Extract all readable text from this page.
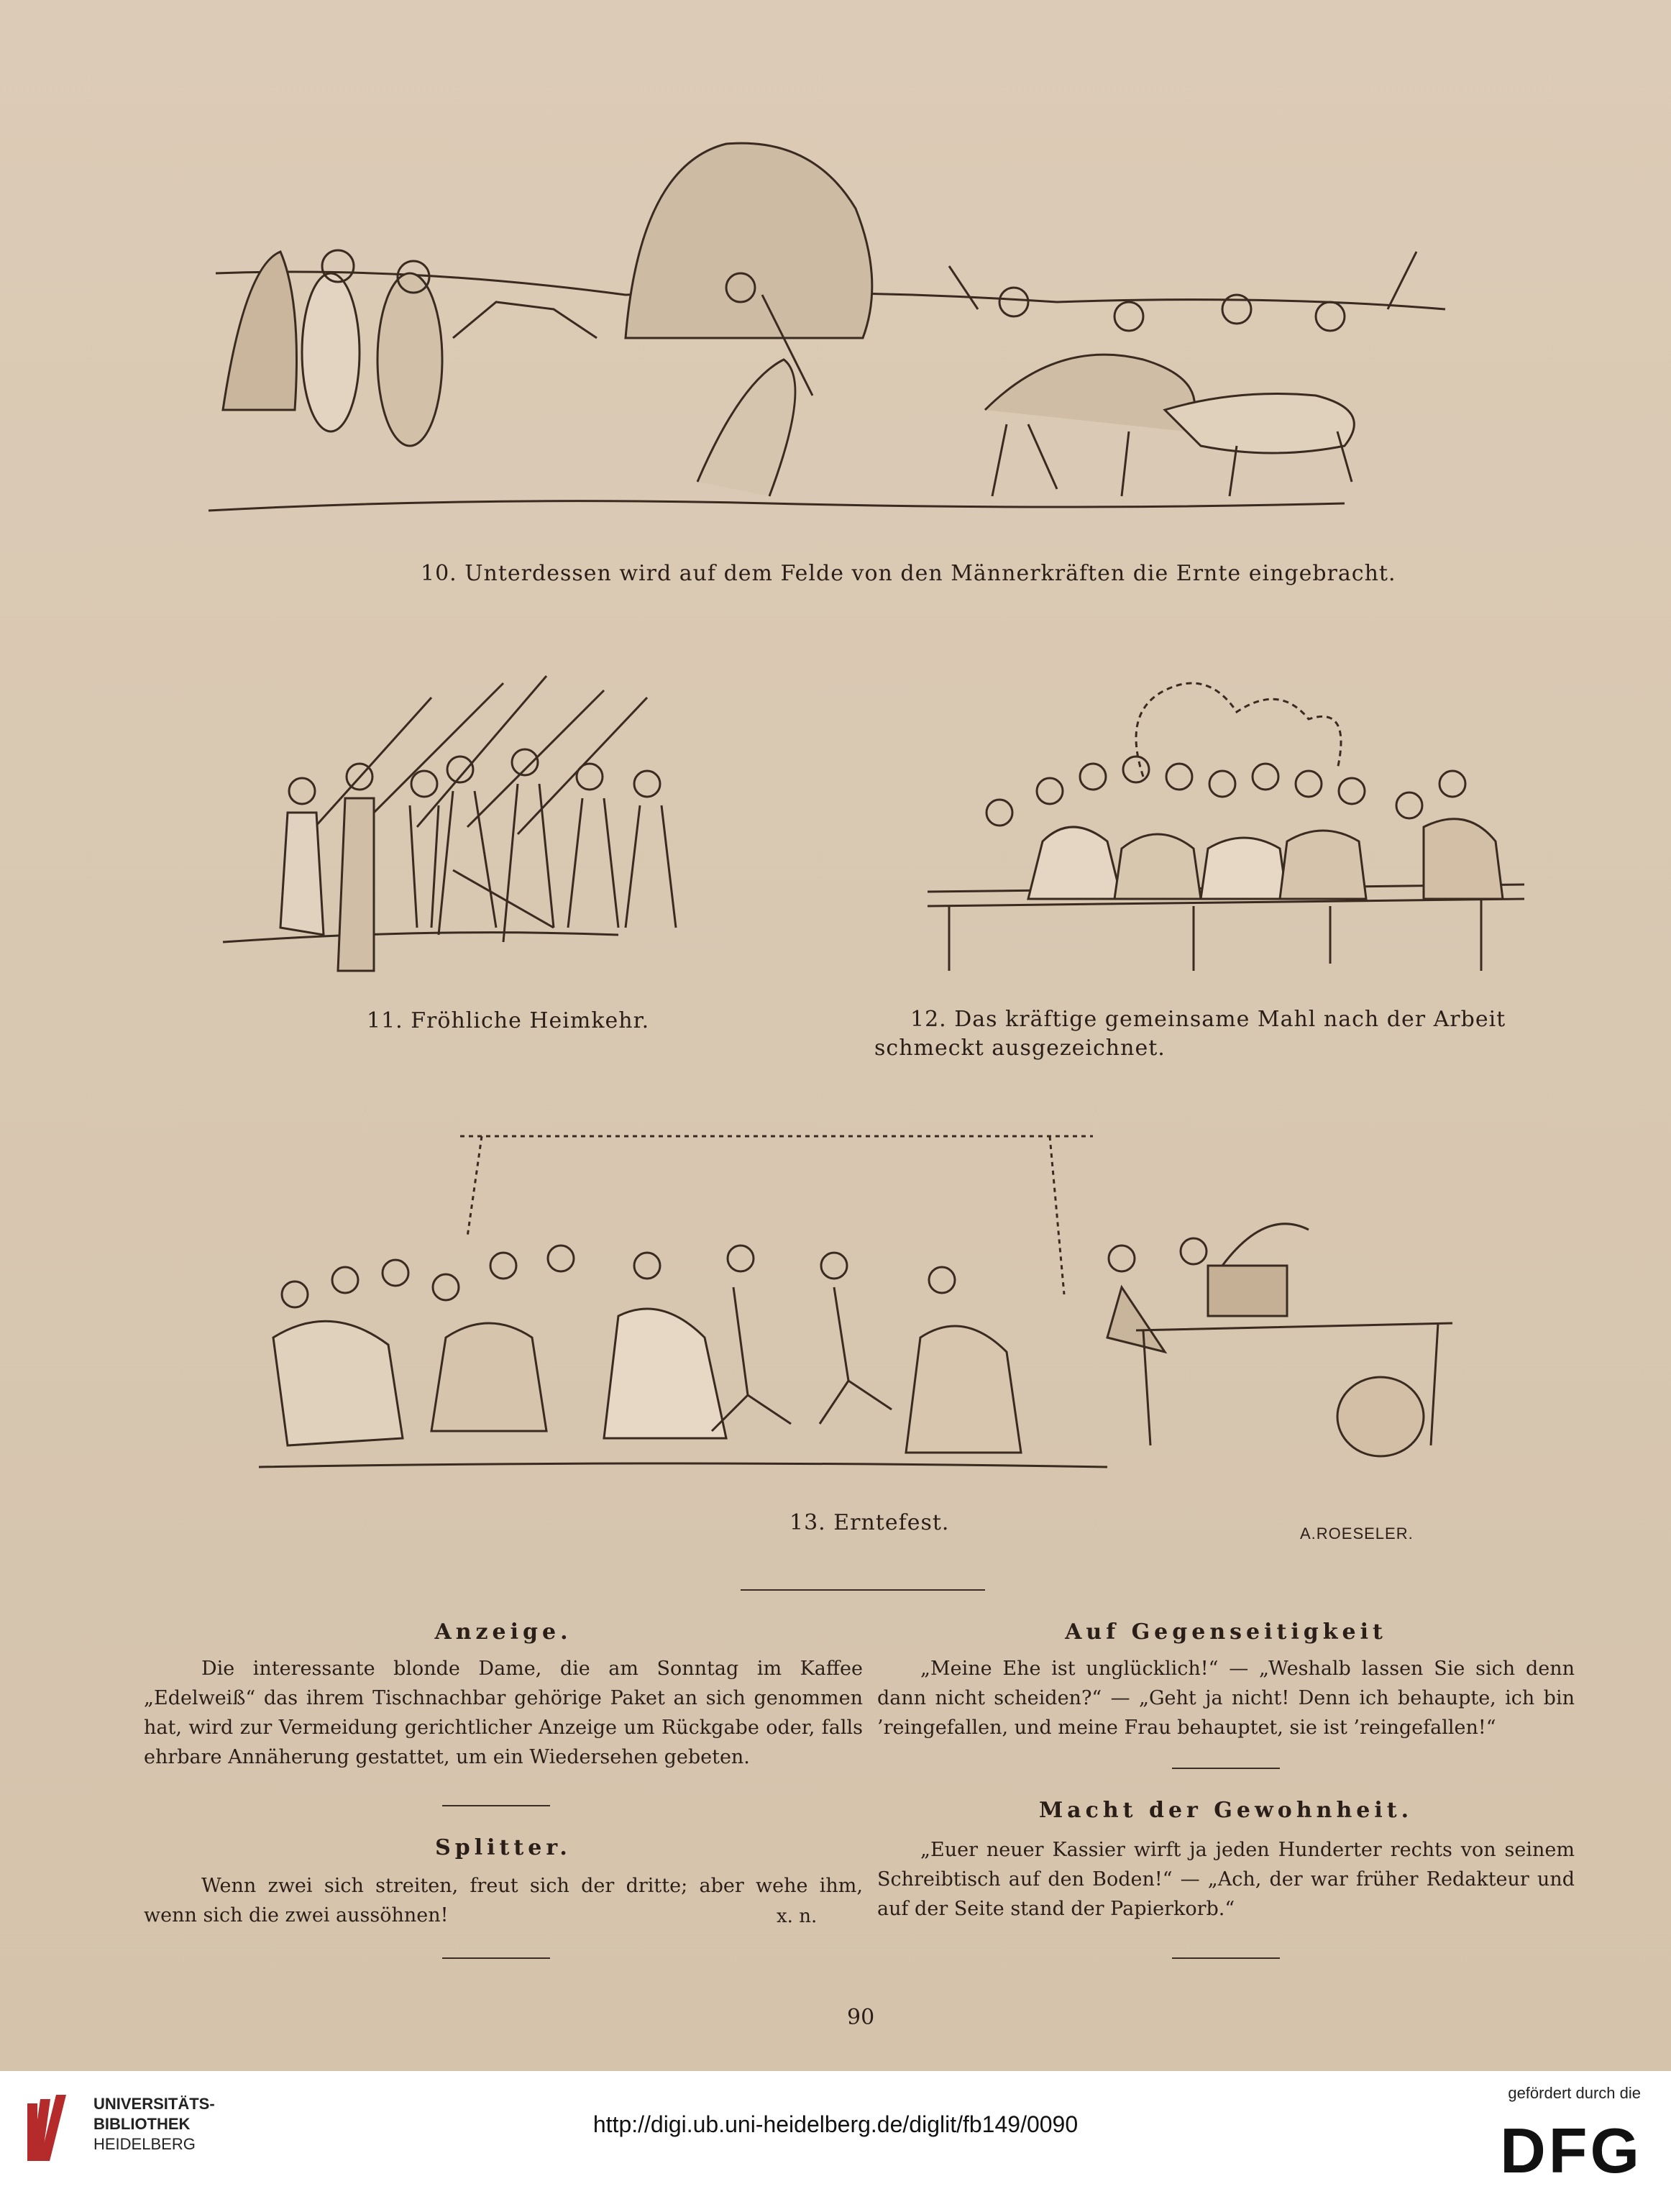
10. Unterdessen wird auf dem Felde von den Männerkräften die Ernte eingebracht.
11. Fröhliche Heimkehr.	12. Das kräftige gemeinsame Mahl nach der Arbeit schmeckt ausgezeichnet.
13. Erntefest.	A.ROESELER.
Anzeige.
Die interessante blonde Dame, die am Sonntag im Kaffee „Edelweiß“ das ihrem Tischnachbar gehörige Paket an sich genommen hat, wird zur Vermeidung gerichtlicher Anzeige um Rückgabe oder, falls ehrbare Annäherung gestattet, um ein Wiedersehen gebeten.
Splitter.
Wenn zwei sich streiten, freut sich der dritte; aber wehe ihm, wenn sich die zwei aussöhnen!	x. n.
Auf Gegenseitigkeit
„Meine Ehe ist unglücklich!“ — „Weshalb lassen Sie sich denn dann nicht scheiden?“ — „Geht ja nicht! Denn ich behaupte, ich bin ’reingefallen, und meine Frau behauptet, sie ist ’reingefallen!“
Macht der Gewohnheit.
„Euer neuer Kassier wirft ja jeden Hunderter rechts von seinem Schreibtisch auf den Boden!“ — „Ach, der war früher Redakteur und auf der Seite stand der Papierkorb.“
90
UNIVERSITÄTS-
BIBLIOTHEK
HEIDELBERG
http://digi.ub.uni-heidelberg.de/diglit/fb149/0090
gefördert durch die
DFG
